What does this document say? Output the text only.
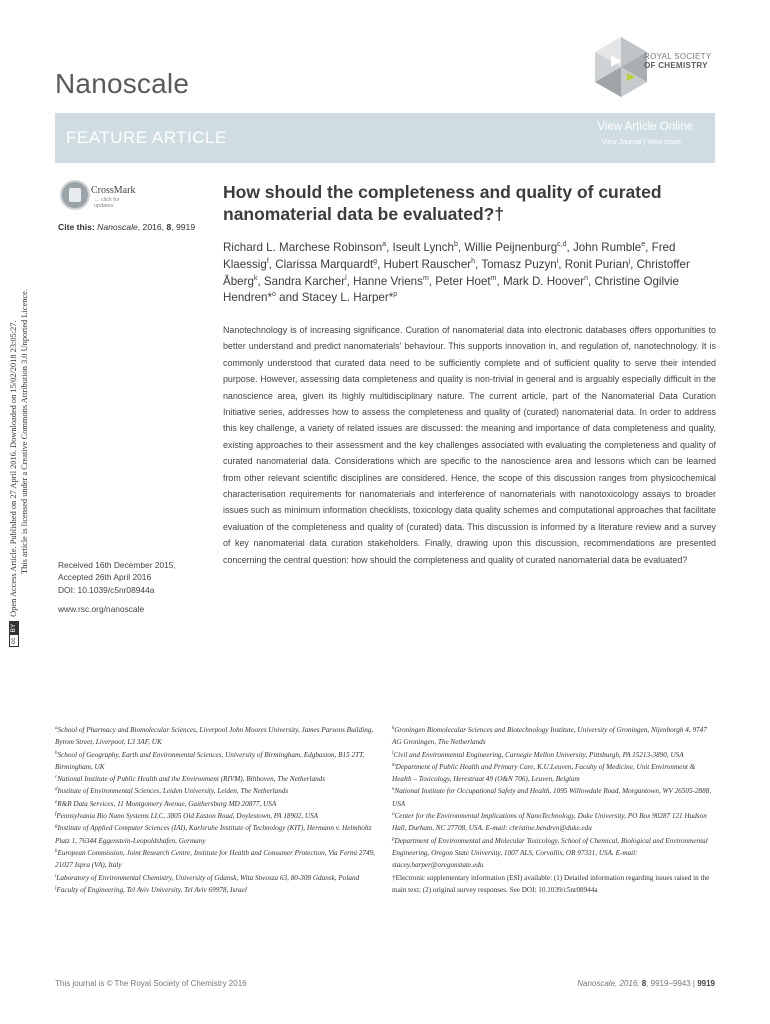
cc
BY
Open Access Article. Published on 27 April 2016. Downloaded on 15/02/2018 23:05:27. This article is licensed under a Creative Commons Attribution 3.0 Unported Licence.
Nanoscale
ROYAL SOCIETY
OF CHEMISTRY
FEATURE ARTICLE
View Article Online
View Journal | View Issue
CrossMark
← click for updates
Cite this: Nanoscale, 2016, 8, 9919
How should the completeness and quality of curated nanomaterial data be evaluated?†
Richard L. Marchese Robinson$^a$, Iseult Lynch$^b$, Willie Peijnenburg$^{c,d}$, John Rumble$^e$, Fred Klaessig$^f$, Clarissa Marquardt$^g$, Hubert Rauscher$^h$, Tomasz Puzyn$^i$, Ronit Purian$^j$, Christoffer Åberg$^k$, Sandra Karcher$^l$, Hanne Vriens$^m$, Peter Hoet$^m$, Mark D. Hoover$^n$, Christine Ogilvie Hendren*$^o$ and Stacey L. Harper*$^p$
Nanotechnology is of increasing significance. Curation of nanomaterial data into electronic databases offers opportunities to better understand and predict nanomaterials' behaviour. This supports innovation in, and regulation of, nanotechnology. It is commonly understood that curated data need to be sufficiently complete and of sufficient quality to serve their intended purpose. However, assessing data completeness and quality is non-trivial in general and is arguably especially difficult in the nanoscience area, given its highly multidisciplinary nature. The current article, part of the Nanomaterial Data Curation Initiative series, addresses how to assess the completeness and quality of (curated) nanomaterial data. In order to address this key challenge, a variety of related issues are discussed: the meaning and importance of data completeness and quality, existing approaches to their assessment and the key challenges associated with evaluating the completeness and quality of curated nanomaterial data. Considerations which are specific to the nanoscience area and lessons which can be learned from other relevant scientific disciplines are considered. Hence, the scope of this discussion ranges from physicochemical characterisation requirements for nanomaterials and interference of nanomaterials with nanotoxicology assays to broader issues such as minimum information checklists, toxicology data quality schemes and computational approaches that facilitate evaluation of the completeness and quality of (curated) data. This discussion is informed by a literature review and a survey of key nanomaterial data curation stakeholders. Finally, drawing upon this discussion, recommendations are presented concerning the central question: how should the completeness and quality of curated nanomaterial data be evaluated?
Received 16th December 2015,
Accepted 26th April 2016
DOI: 10.1039/c5nr08944a
www.rsc.org/nanoscale
$^a$School of Pharmacy and Biomolecular Sciences, Liverpool John Moores University, James Parsons Building, Byrom Street, Liverpool, L3 3AF, UK
$^b$School of Geography, Earth and Environmental Sciences, University of Birmingham, Edgbaston, B15 2TT, Birmingham, UK
$^c$National Institute of Public Health and the Environment (RIVM), Bilthoven, The Netherlands
$^d$Institute of Environmental Sciences, Leiden University, Leiden, The Netherlands
$^e$R&R Data Services, 11 Montgomery Avenue, Gaithersburg MD 20877, USA
$^f$Pennsylvania Bio Nano Systems LLC, 3805 Old Easton Road, Doylestown, PA 18902, USA
$^g$Institute of Applied Computer Sciences (IAI), Karlsruhe Institute of Technology (KIT), Hermann v. Helmholtz Platz 1, 76344 Eggenstein-Leopoldshafen, Germany
$^h$European Commission, Joint Research Centre, Institute for Health and Consumer Protection, Via Fermi 2749, 21027 Ispra (VA), Italy
$^i$Laboratory of Environmental Chemistry, University of Gdansk, Wita Stwosza 63, 80-308 Gdansk, Poland
$^j$Faculty of Engineering, Tel Aviv University, Tel Aviv 69978, Israel
$^k$Groningen Biomolecular Sciences and Biotechnology Institute, University of Groningen, Nijenborgh 4, 9747 AG Groningen, The Netherlands
$^l$Civil and Environmental Engineering, Carnegie Mellon University, Pittsburgh, PA 15213-3890, USA
$^m$Department of Public Health and Primary Care, K.U.Leuven, Faculty of Medicine, Unit Environment & Health – Toxicology, Herestraat 49 (O&N 706), Leuven, Belgium
$^n$National Institute for Occupational Safety and Health, 1095 Willowdale Road, Morgantown, WV 26505-2888, USA
$^o$Center for the Environmental Implications of NanoTechnology, Duke University, PO Box 90287 121 Hudson Hall, Durham, NC 27708, USA. E-mail: christine.hendren@duke.edu
$^p$Department of Environmental and Molecular Toxicology, School of Chemical, Biological and Environmental Engineering, Oregon State University, 1007 ALS, Corvallis, OR 97331, USA. E-mail: stacey.harper@oregonstate.edu
†Electronic supplementary information (ESI) available: (1) Detailed information regarding issues raised in the main text; (2) original survey responses. See DOI: 10.1039/c5nr08944a
This journal is © The Royal Society of Chemistry 2016	Nanoscale, 2016, 8, 9919–9943 | 9919
